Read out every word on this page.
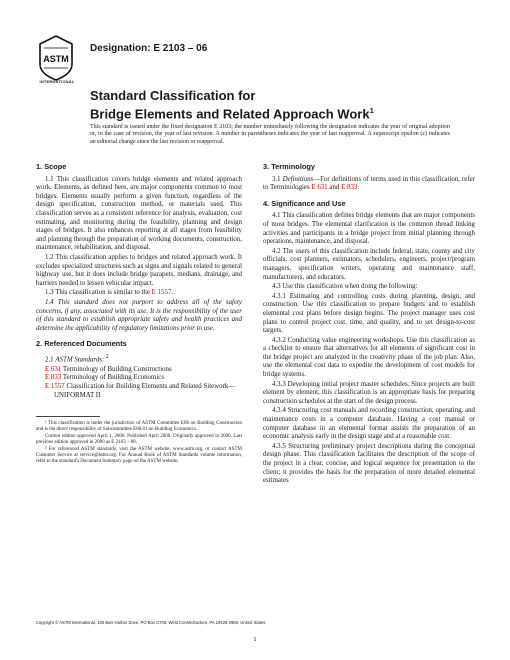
ASTM
INTERNATIONAL
Designation: E 2103 – 06
Standard Classification for
Bridge Elements and Related Approach Work$^1$
This standard is issued under the fixed designation E 2103; the number immediately following the designation indicates the year of original adoption or, in the case of revision, the year of last revision. A number in parentheses indicates the year of last reapproval. A superscript epsilon (ε) indicates an editorial change since the last revision or reapproval.
1. Scope

1.1 This classification covers bridge elements and related approach work. Elements, as defined here, are major components common to most bridges. Elements usually perform a given function, regardless of the design specification, construction method, or materials used. This classification serves as a consistent reference for analysis, evaluation, cost estimating, and monitoring during the feasibility, planning and design stages of bridges. It also enhances reporting at all stages from feasibility and planning through the preparation of working documents, construction, maintenance, rehabilitation, and disposal.

1.2 This classification applies to bridges and related approach work. It excludes specialized structures such as signs and signals related to general highway use, but it does include bridge parapets, medians, drainage, and barriers needed to lessen vehicular impact.

1.3 This classification is similar to the E 1557.

1.4 This standard does not purport to address all of the safety concerns, if any, associated with its use. It is the responsibility of the user of this standard to establish appropriate safety and health practices and determine the applicability of regulatory limitations prior to use.

2. Referenced Documents

2.1 ASTM Standards: $^2$

E 631 Terminology of Building Constructions
E 833 Terminology of Building Economics
E 1557 Classification for Building Elements and Related Sitework—UNIFORMAT II

¹ This classification is under the jurisdiction of ASTM Committee E06 on Building Construction and is the direct responsibility of Subcommittee E06.81 on Building Economics.

Current edition approved April 1, 2006. Published April 2006. Originally approved in 2000. Last previous edition approved in 2000 as E 2103 – 00.

² For referenced ASTM standards, visit the ASTM website, www.astm.org, or contact ASTM Customer Service at service@astm.org. For Annual Book of ASTM Standards volume information, refer to the standard's Document Summary page on the ASTM website.

3. Terminology

3.1 Definitions—For definitions of terms used in this classification, refer to Terminologies E 631 and E 833.

4. Significance and Use

4.1 This classification defines bridge elements that are major components of most bridges. The elemental clarification is the common thread linking activities and participants in a bridge project from initial planning through operations, maintenance, and disposal.

4.2 The users of this classification include federal, state, county and city officials, cost planners, estimators, schedulers, engineers, project/program managers, specification writers, operating and maintenance staff, manufacturers, and educators.

4.3 Use this classification when doing the following:

4.3.1 Estimating and controlling costs during planning, design, and construction. Use this classification to prepare budgets and to establish elemental cost plans before design begins. The project manager uses cost plans to control project cost, time, and quality, and to set design-to-cost targets.

4.3.2 Conducting value engineering workshops. Use this classification as a checklist to ensure that alternatives for all elements of significant cost in the bridge project are analyzed in the creativity phase of the job plan. Also, use the elemental cost data to expedite the development of cost models for bridge systems.

4.3.3 Developing initial project master schedules. Since projects are built element by element, this classification is an appropriate basis for preparing construction schedules at the start of the design process.

4.3.4 Structuring cost manuals and recording construction, operating, and maintenance costs in a computer database. Having a cost manual or computer database in an elemental format assists the preparation of an economic analysis early in the design stage and at a reasonable cost.

4.3.5 Structuring preliminary project descriptions during the conceptual design phase. This classification facilitates the description of the scope of the project in a clear, concise, and logical sequence for presentation to the client; it provides the basis for the preparation of more detailed elemental estimates

Copyright © ASTM International, 100 Barr Harbor Drive, PO Box C700, West Conshohocken, PA 19428-2959, United States.
1
